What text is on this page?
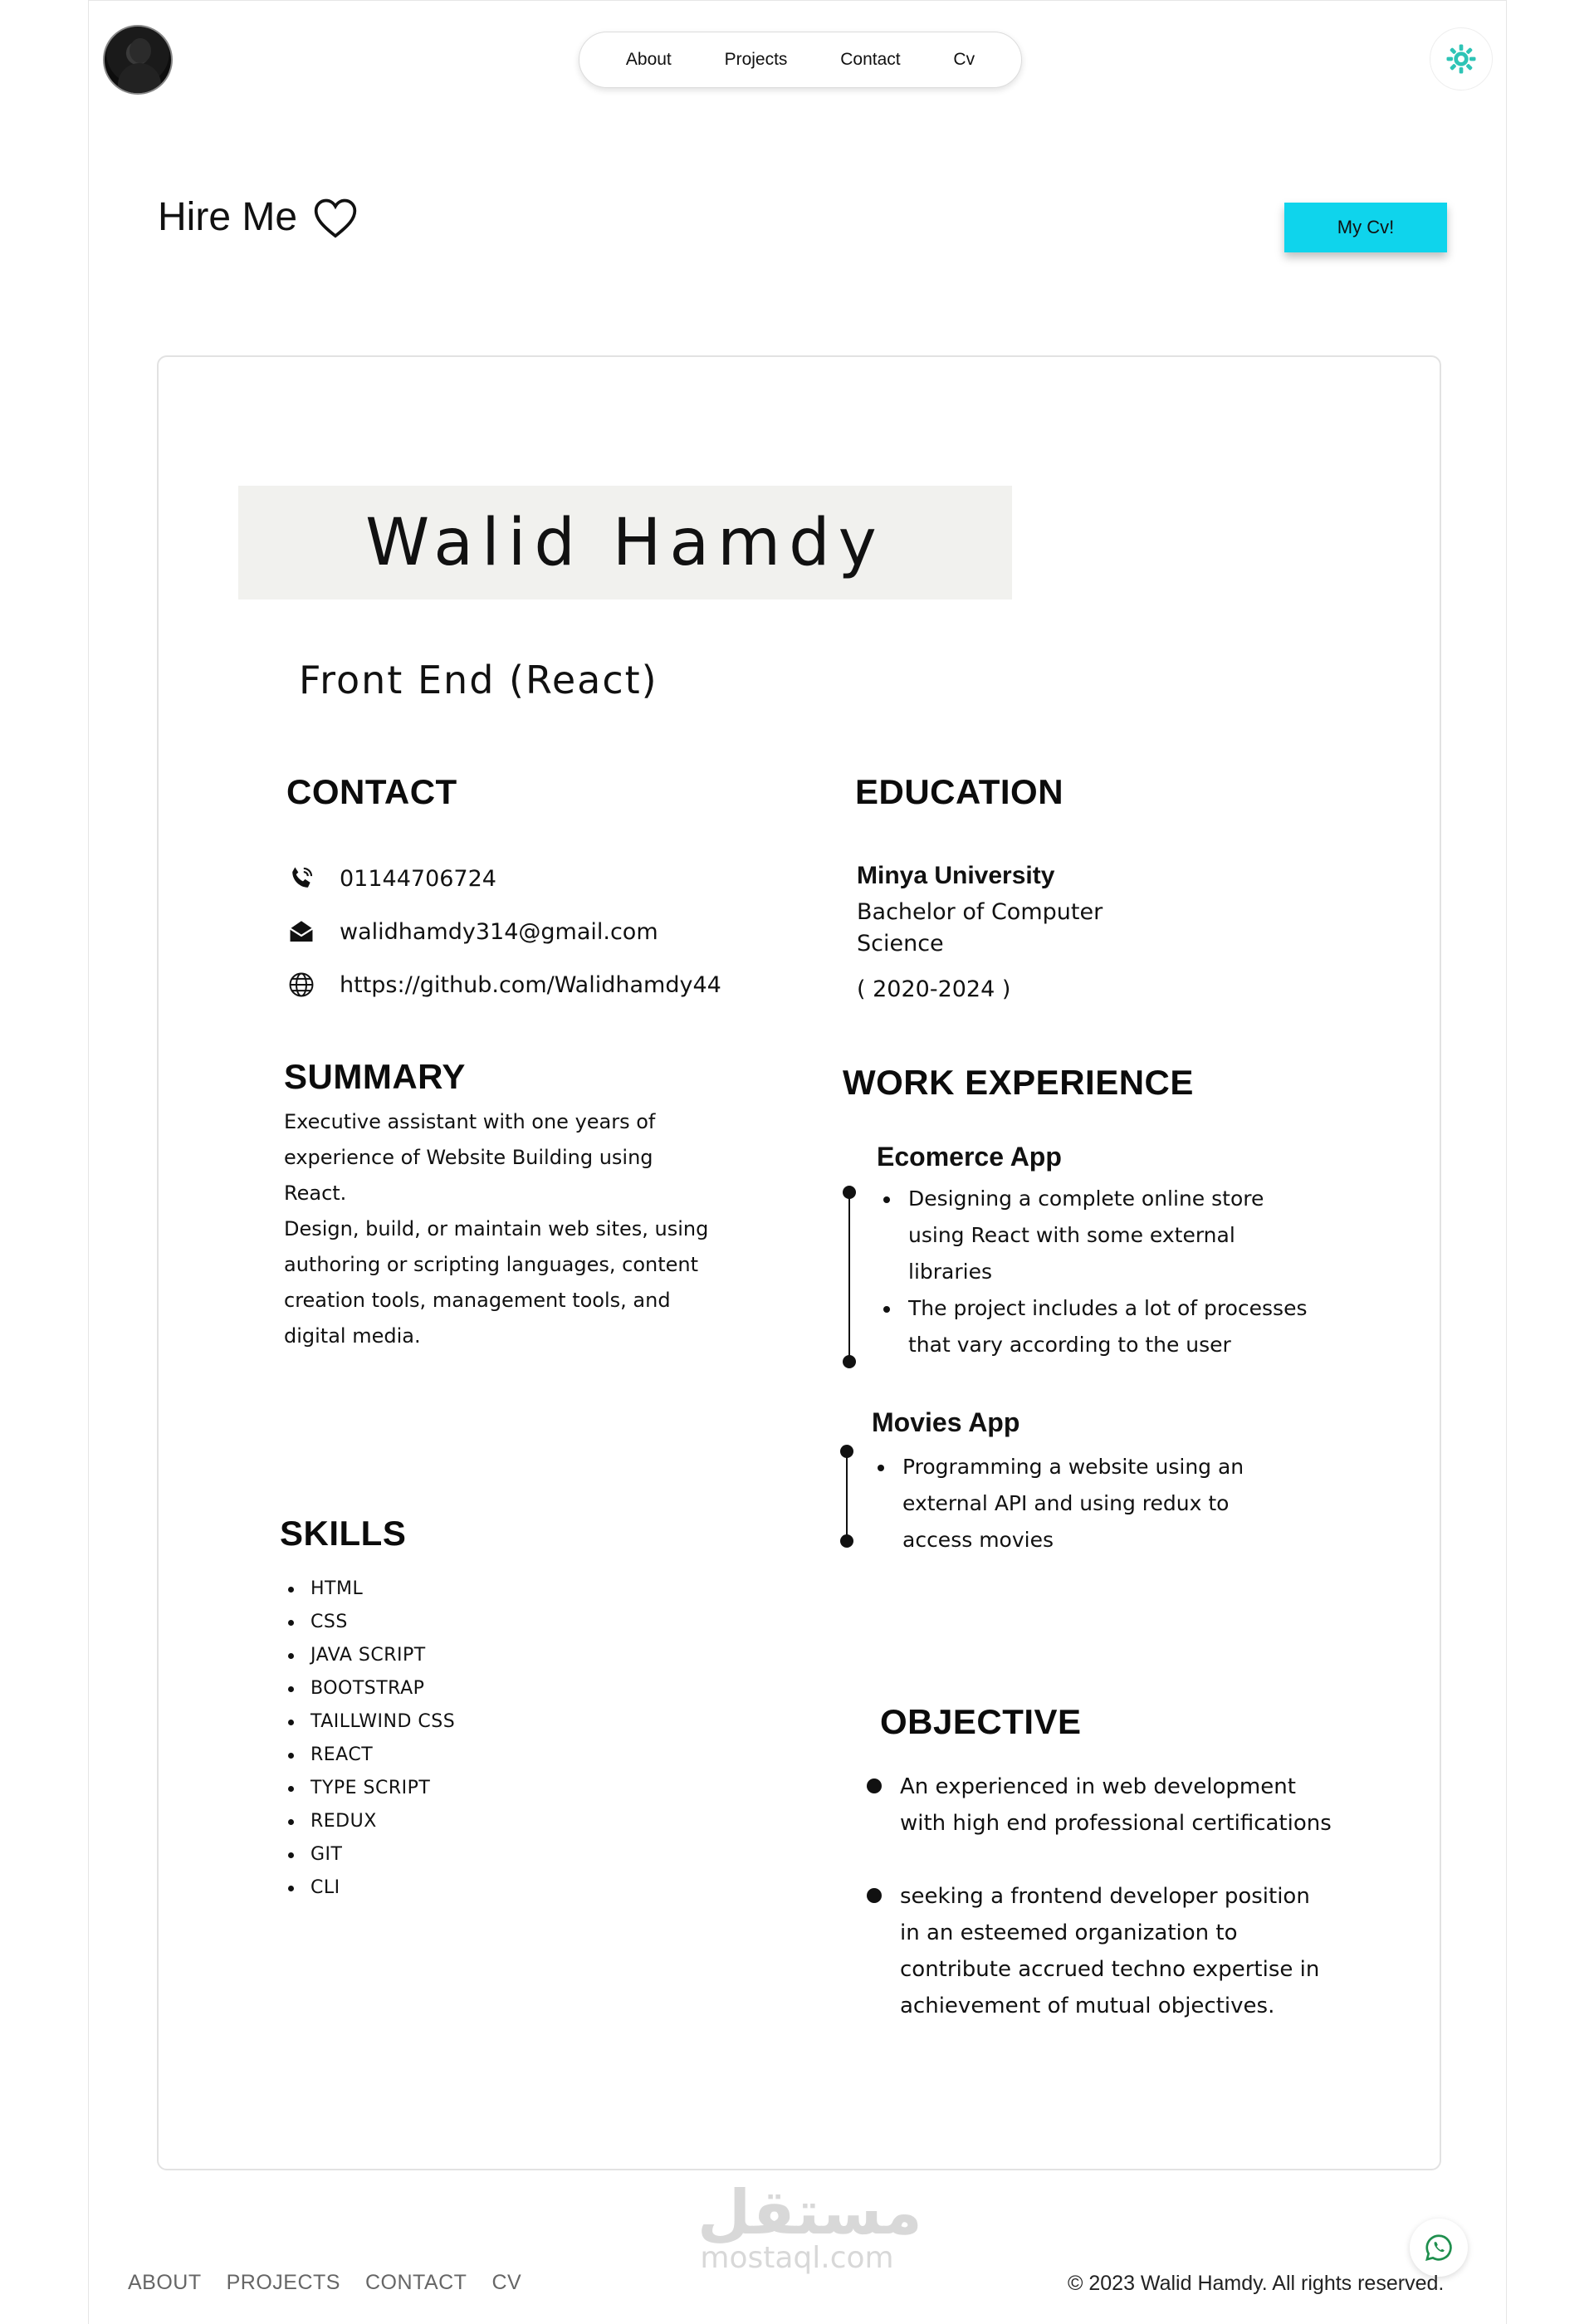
About	Projects	Contact	Cv
Hire Me	My Cv!
Walid Hamdy
Front End (React)
CONTACT
01144706724
walidhamdy314@gmail.com
https://github.com/Walidhamdy44
EDUCATION
Minya University
Bachelor of Computer Science
( 2020-2024 )
SUMMARY
Executive assistant with one years of experience of Website Building using React.
Design, build, or maintain web sites, using authoring or scripting languages, content creation tools, management tools, and digital media.
WORK EXPERIENCE
Ecomerce App
Designing a complete online store using React with some external libraries
The project includes a lot of processes that vary according to the user
Movies App
Programming a website using an external API and using redux to access movies
SKILLS
HTML
CSS
JAVA SCRIPT
BOOTSTRAP
TAILLWIND CSS
REACT
TYPE SCRIPT
REDUX
GIT
CLI
OBJECTIVE

An experienced in web development with high end professional certifications

seeking a frontend developer position in an esteemed organization to contribute accrued techno expertise in achievement of mutual objectives.

مستقل
mostaql.com
ABOUT PROJECTS CONTACT CV	© 2023 Walid Hamdy. All rights reserved.
